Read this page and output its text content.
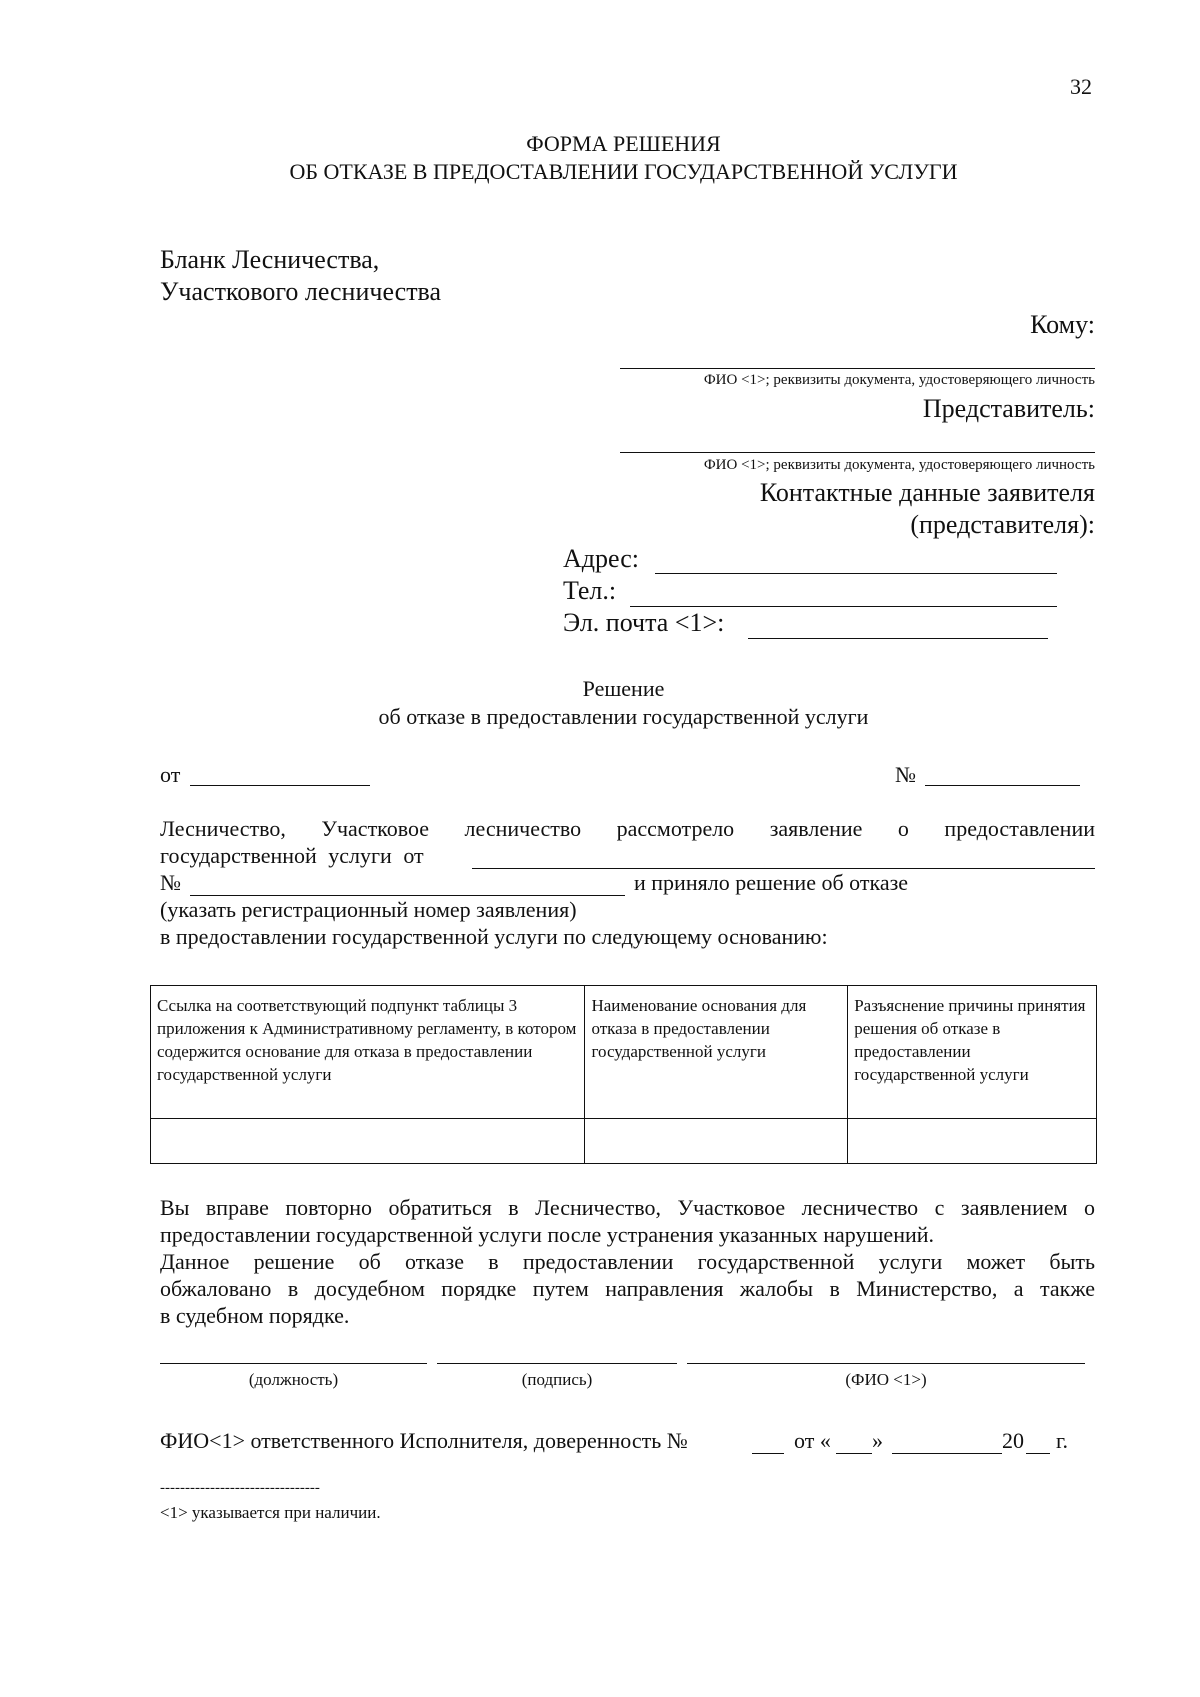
32
ФОРМА РЕШЕНИЯ
ОБ ОТКАЗЕ В ПРЕДОСТАВЛЕНИИ ГОСУДАРСТВЕННОЙ УСЛУГИ
Бланк Лесничества,
Участкового лесничества
Кому:
ФИО <1>; реквизиты документа, удостоверяющего личность
Представитель:
ФИО <1>; реквизиты документа, удостоверяющего личность
Контактные данные заявителя
(представителя):
Адрес:
Тел.:
Эл. почта <1>:
Решение
об отказе в предоставлении государственной услуги
от	№
Лесничество, Участковое лесничество рассмотрело заявление о предоставлении
государственной услуги от
№	и приняло решение об отказе
(указать регистрационный номер заявления)
в предоставлении государственной услуги по следующему основанию:
Ссылка на соответствующий подпункт таблицы 3 приложения к Административному регламенту, в котором содержится основание для отказа в предоставлении государственной услуги	Наименование основания для отказа в предоставлении государственной услуги	Разъяснение причины принятия решения об отказе в предоставлении государственной услуги

Вы вправе повторно обратиться в Лесничество, Участковое лесничество с заявлением о
предоставлении государственной услуги после устранения указанных нарушений.
Данное решение об отказе в предоставлении государственной услуги может быть
обжаловано в досудебном порядке путем направления жалобы в Министерство, а также
в судебном порядке.
(должность)	(подпись)	(ФИО <1>)
ФИО<1> ответственного Исполнителя, доверенность №	от « »	20 г.
--------------------------------
<1> указывается при наличии.
